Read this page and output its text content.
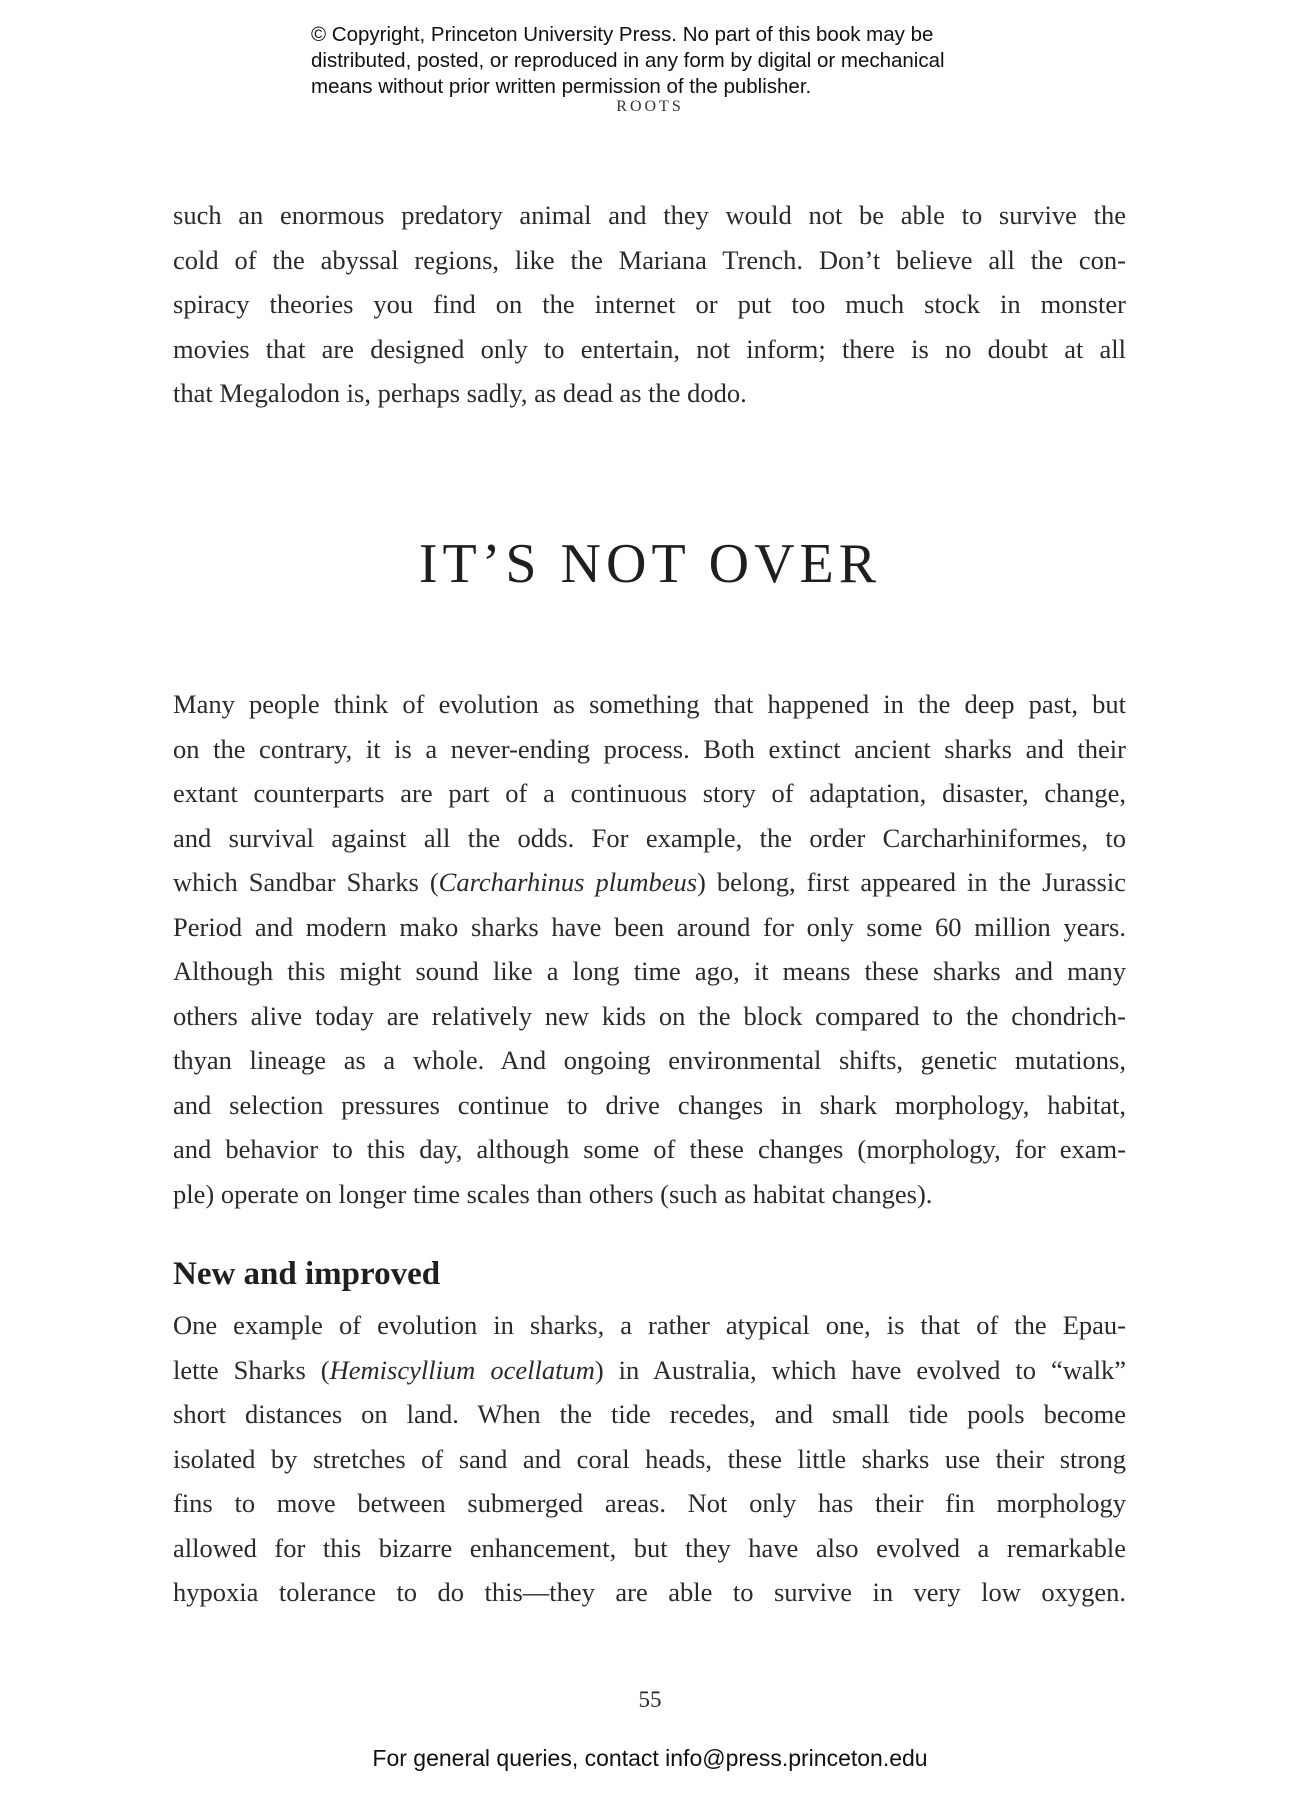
© Copyright, Princeton University Press. No part of this book may be
distributed, posted, or reproduced in any form by digital or mechanical
means without prior written permission of the publisher.
ROOTS
such an enormous predatory animal and they would not be able to survive the
cold of the abyssal regions, like the Mariana Trench. Don’t believe all the con-
spiracy theories you find on the internet or put too much stock in monster
movies that are designed only to entertain, not inform; there is no doubt at all
that Megalodon is, perhaps sadly, as dead as the dodo.
IT’S NOT OVER
Many people think of evolution as something that happened in the deep past, but
on the contrary, it is a never-ending process. Both extinct ancient sharks and their
extant counterparts are part of a continuous story of adaptation, disaster, change,
and survival against all the odds. For example, the order Carcharhiniformes, to
which Sandbar Sharks (Carcharhinus plumbeus) belong, first appeared in the Jurassic
Period and modern mako sharks have been around for only some 60 million years.
Although this might sound like a long time ago, it means these sharks and many
others alive today are relatively new kids on the block compared to the chondrich-
thyan lineage as a whole. And ongoing environmental shifts, genetic mutations,
and selection pressures continue to drive changes in shark morphology, habitat,
and behavior to this day, although some of these changes (morphology, for exam-
ple) operate on longer time scales than others (such as habitat changes).
New and improved
One example of evolution in sharks, a rather atypical one, is that of the Epau-
lette Sharks (Hemiscyllium ocellatum) in Australia, which have evolved to “walk”
short distances on land. When the tide recedes, and small tide pools become
isolated by stretches of sand and coral heads, these little sharks use their strong
fins to move between submerged areas. Not only has their fin morphology
allowed for this bizarre enhancement, but they have also evolved a remarkable
hypoxia tolerance to do this—they are able to survive in very low oxygen.
55
For general queries, contact info@press.princeton.edu
